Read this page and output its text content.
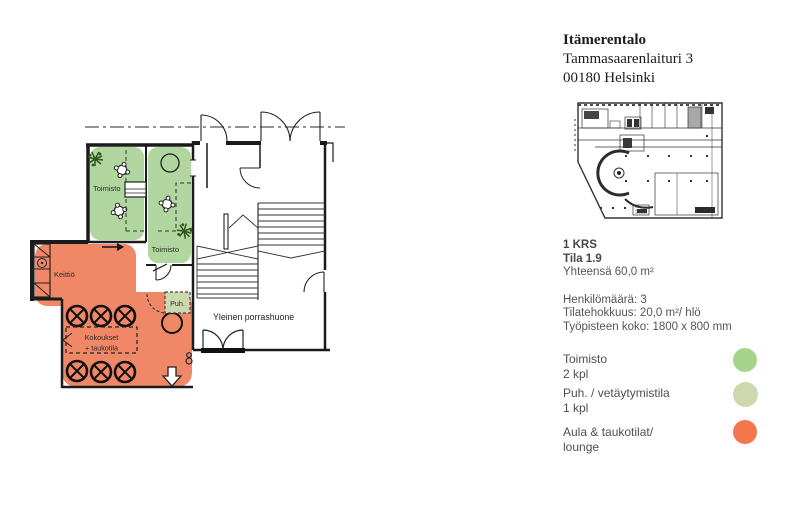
Toimisto
Toimisto
Keittiö
Yleinen porrashuone
Puh.
Kokoukset
+ taukotila
Itämerentalo
Tammasaarenlaituri 3
00180 Helsinki
1 KRS
Tila 1.9
Yhteensä 60,0 m²
Henkilömäärä: 3
Tilatehokkuus: 20,0 m²/ hlö
Työpisteen koko: 1800 x 800 mm
Toimisto
2 kpl
Puh. / vetäytymistila
1 kpl
Aula & taukotilat/
lounge
